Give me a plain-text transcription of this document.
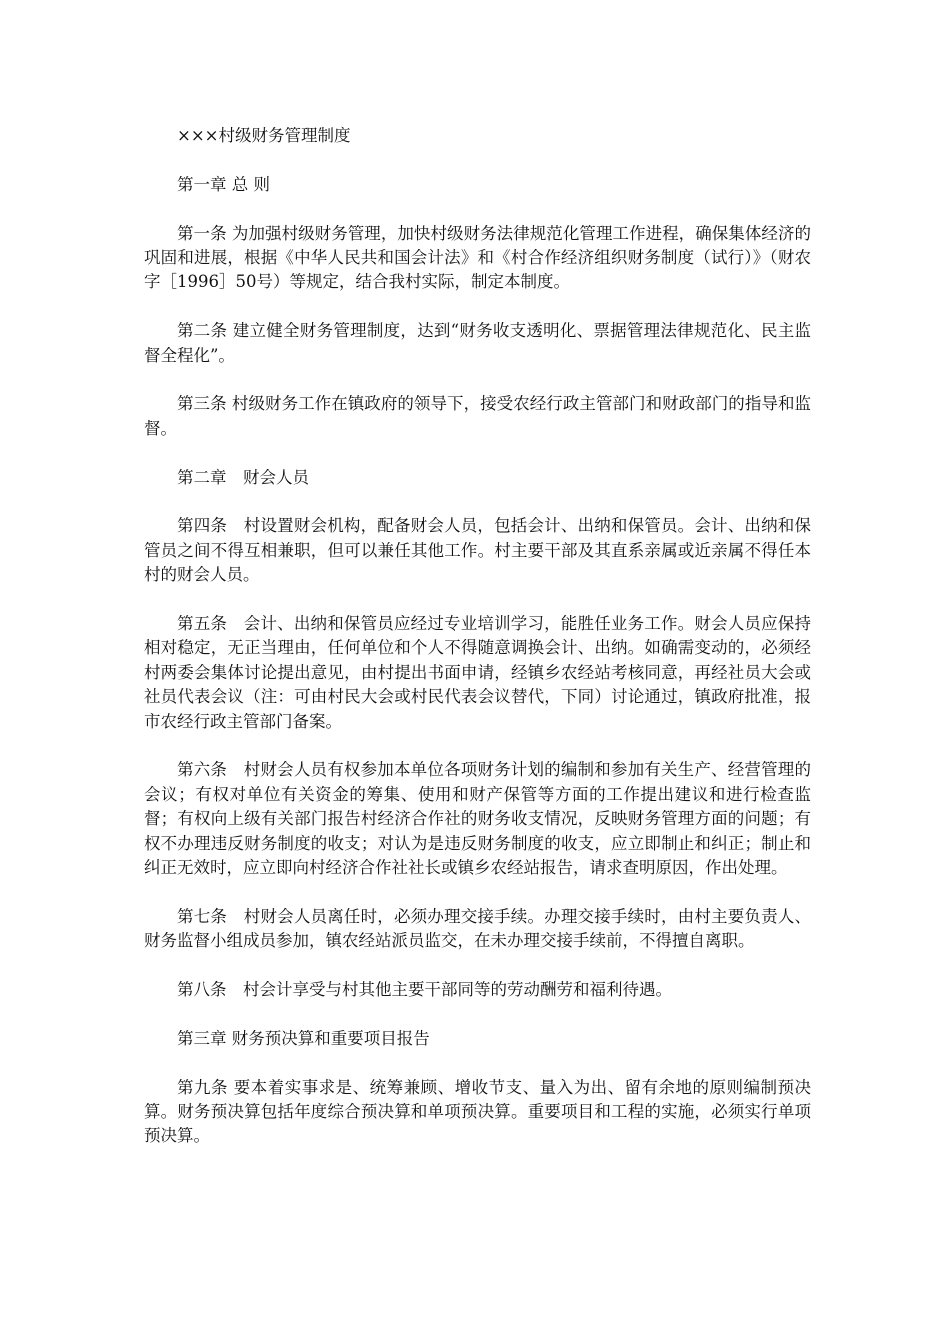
×××村级财务管理制度

第一章 总 则

第一条 为加强村级财务管理，加快村级财务法律规范化管理工作进程，确保集体经济的巩固和进展，根据《中华人民共和国会计法》和《村合作经济组织财务制度（试行）》（财农字［1996］50号）等规定，结合我村实际，制定本制度。

第二条 建立健全财务管理制度，达到“财务收支透明化、票据管理法律规范化、民主监督全程化”。

第三条 村级财务工作在镇政府的领导下，接受农经行政主管部门和财政部门的指导和监督。

第二章　财会人员

第四条　村设置财会机构，配备财会人员，包括会计、出纳和保管员。会计、出纳和保管员之间不得互相兼职，但可以兼任其他工作。村主要干部及其直系亲属或近亲属不得任本村的财会人员。

第五条　会计、出纳和保管员应经过专业培训学习，能胜任业务工作。财会人员应保持相对稳定，无正当理由，任何单位和个人不得随意调换会计、出纳。如确需变动的，必须经村两委会集体讨论提出意见，由村提出书面申请，经镇乡农经站考核同意，再经社员大会或社员代表会议（注：可由村民大会或村民代表会议替代，下同）讨论通过，镇政府批准，报市农经行政主管部门备案。

第六条　村财会人员有权参加本单位各项财务计划的编制和参加有关生产、经营管理的会议；有权对单位有关资金的筹集、使用和财产保管等方面的工作提出建议和进行检查监督；有权向上级有关部门报告村经济合作社的财务收支情况，反映财务管理方面的问题；有权不办理违反财务制度的收支；对认为是违反财务制度的收支，应立即制止和纠正；制止和纠正无效时，应立即向村经济合作社社长或镇乡农经站报告，请求查明原因，作出处理。

第七条　村财会人员离任时，必须办理交接手续。办理交接手续时，由村主要负责人、财务监督小组成员参加，镇农经站派员监交，在未办理交接手续前，不得擅自离职。

第八条　村会计享受与村其他主要干部同等的劳动酬劳和福利待遇。

第三章 财务预决算和重要项目报告

第九条 要本着实事求是、统筹兼顾、增收节支、量入为出、留有余地的原则编制预决算。财务预决算包括年度综合预决算和单项预决算。重要项目和工程的实施，必须实行单项预决算。
